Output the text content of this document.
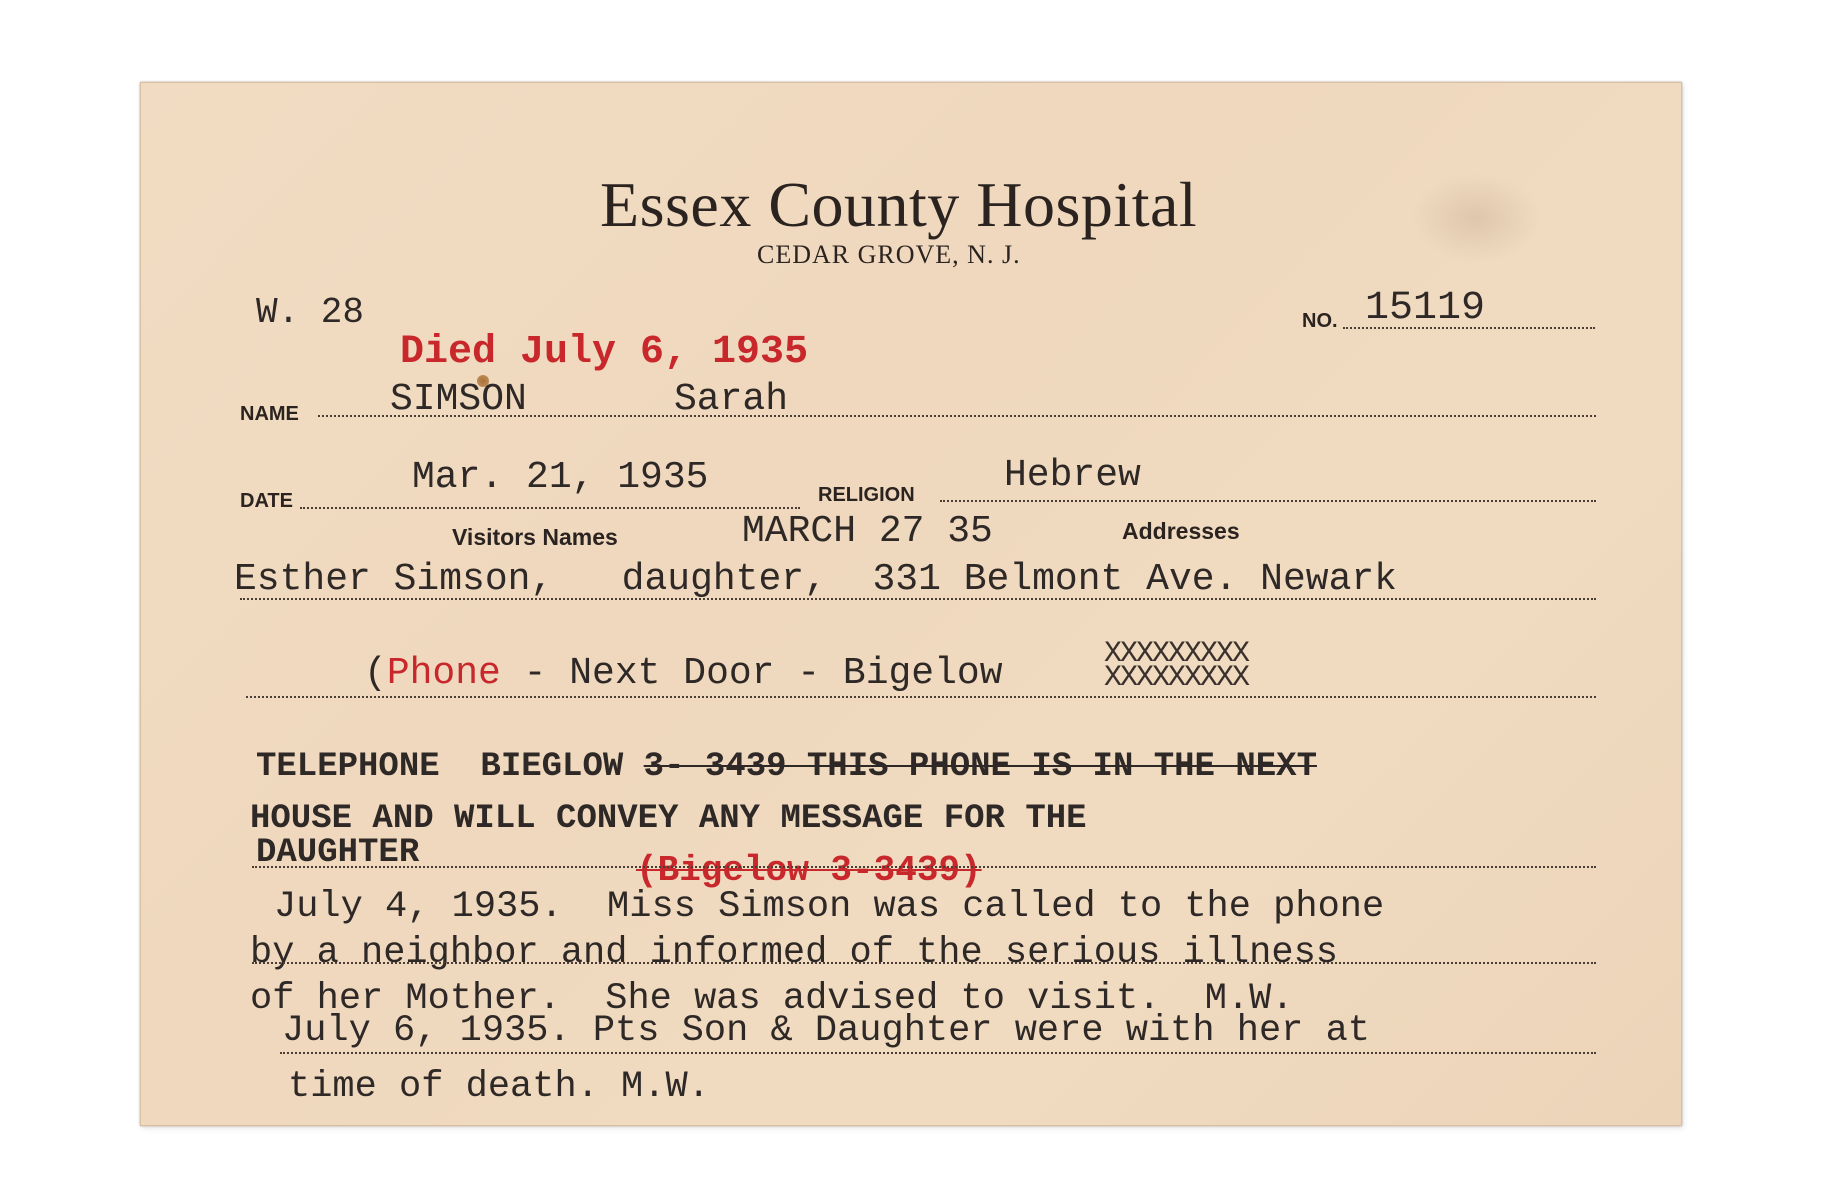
Essex County Hospital
CEDAR GROVE, N. J.
W. 28	NO. 15119
Died July 6, 1935
NAME SIMSON	Sarah
DATE
Mar. 21, 1935	RELIGION Hebrew
Visitors Names	MARCH 27 35	Addresses
Esther Simson,   daughter,  331 Belmont Ave. Newark
(Phone - Next Door - Bigelow	XXXXXXXXX
XXXXXXXXX
TELEPHONE  BIEGLOW 3- 3439 THIS PHONE IS IN THE NEXT
HOUSE AND WILL CONVEY ANY MESSAGE FOR THE
DAUGHTER	(Bigelow 3-3439)
July 4, 1935.  Miss Simson was called to the phone
by a neighbor and informed of the serious illness
of her Mother.  She was advised to visit.  M.W.
July 6, 1935. Pts Son & Daughter were with her at
time of death. M.W.
